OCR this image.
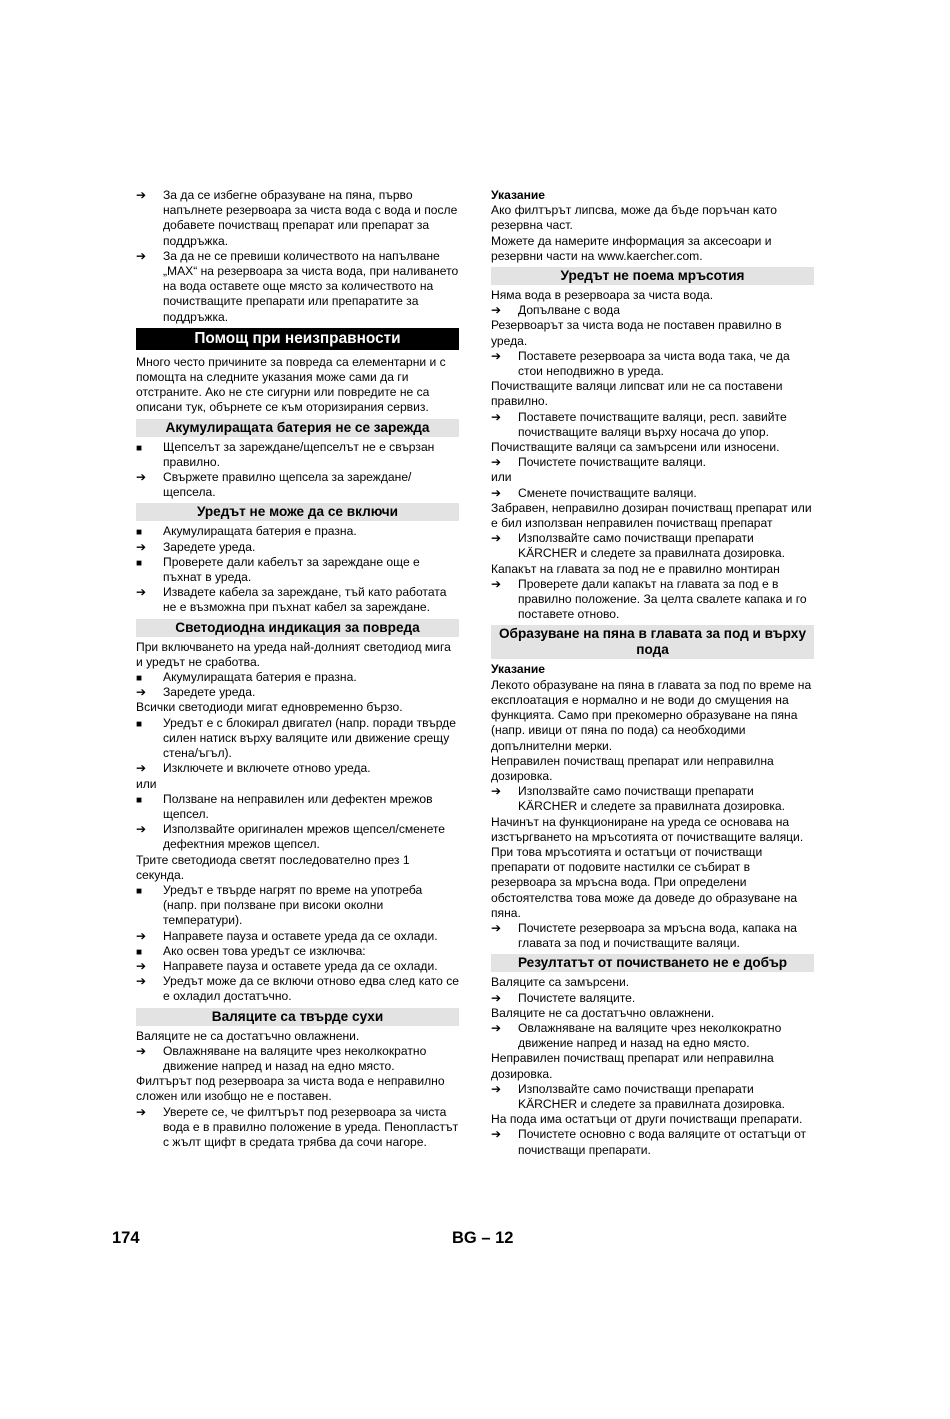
➔	За да се избегне образуване на пяна, първо напълнете резервоара за чиста вода с вода и после добавете почистващ препарат или препарат за поддръжка.
➔	За да не се превиши количеството на напълване „MAX“ на резервоара за чиста вода, при наливането на вода оставете още място за количеството на почистващите препарати или препаратите за поддръжка.
Помощ при неизправности
Много често причините за повреда са елементарни и с помощта на следните указания може сами да ги отстраните. Ако не сте сигурни или повредите не са описани тук, обърнете се към оторизирания сервиз.
Акумулиращата батерия не се зарежда
■	Щепселът за зареждане/щепселът не е свързан правилно.
➔	Свържете правилно щепсела за зареждане/щепсела.
Уредът не може да се включи
■	Акумулиращата батерия е празна.
➔	Заредете уреда.
■	Проверете дали кабелът за зареждане още е пъхнат в уреда.
➔	Извадете кабела за зареждане, тъй като работата не е възможна при пъхнат кабел за зареждане.
Светодиодна индикация за повреда
При включването на уреда най-долният светодиод мига и уредът не сработва.
■	Акумулиращата батерия е празна.
➔	Заредете уреда.
Всички светодиоди мигат едновременно бързо.
■	Уредът е с блокирал двигател (напр. поради твърде силен натиск върху валяците или движение срещу стена/ъгъл).
➔	Изключете и включете отново уреда.
или
■	Ползване на неправилен или дефектен мрежов щепсел.
➔	Използвайте оригинален мрежов щепсел/сменете дефектния мрежов щепсел.
Трите светодиода светят последователно през 1 секунда.
■	Уредът е твърде нагрят по време на употреба (напр. при ползване при високи околни температури).
➔	Направете пауза и оставете уреда да се охлади.
■	Ако освен това уредът се изключва:
➔	Направете пауза и оставете уреда да се охлади.
➔	Уредът може да се включи отново едва след като се е охладил достатъчно.
Валяците са твърде сухи
Валяците не са достатъчно овлажнени.
➔	Овлажняване на валяците чрез неколкократно движение напред и назад на едно място.
Филтърът под резервоара за чиста вода е неправилно сложен или изобщо не е поставен.
➔	Уверете се, че филтърът под резервоара за чиста вода е в правилно положение в уреда. Пенопластът с жълт щифт в средата трябва да сочи нагоре.
Указание
Ако филтърът липсва, може да бъде поръчан като резервна част.
Можете да намерите информация за аксесоари и резервни части на www.kaercher.com.
Уредът не поема мръсотия
Няма вода в резервоара за чиста вода.
➔	Допълване с вода
Резервоарът за чиста вода не поставен правилно в уреда.
➔	Поставете резервоара за чиста вода така, че да стои неподвижно в уреда.
Почистващите валяци липсват или не са поставени правилно.
➔	Поставете почистващите валяци, респ. завийте почистващите валяци върху носача до упор.
Почистващите валяци са замърсени или износени.
➔	Почистете почистващите валяци.
или
➔	Сменете почистващите валяци.
Забравен, неправилно дозиран почистващ препарат или е бил използван неправилен почистващ препарат
➔	Използвайте само почистващи препарати KÄRCHER и следете за правилната дозировка.
Капакът на главата за под не е правилно монтиран
➔	Проверете дали капакът на главата за под е в правилно положение. За целта свалете капака и го поставете отново.
Образуване на пяна в главата за под и върху пода
Указание
Лекото образуване на пяна в главата за под по време на експлоатация е нормално и не води до смущения на функцията. Само при прекомерно образуване на пяна (напр. ивици от пяна по пода) са необходими допълнителни мерки.
Неправилен почистващ препарат или неправилна дозировка.
➔	Използвайте само почистващи препарати KÄRCHER и следете за правилната дозировка.
Начинът на функциониране на уреда се основава на изстъргването на мръсотията от почистващите валяци. При това мръсотията и остатъци от почистващи препарати от подовите настилки се събират в резервоара за мръсна вода. При определени обстоятелства това може да доведе до образуване на пяна.
➔	Почистете резервоара за мръсна вода, капака на главата за под и почистващите валяци.
Резултатът от почистването не е добър
Валяците са замърсени.
➔	Почистете валяците.
Валяците не са достатъчно овлажнени.
➔	Овлажняване на валяците чрез неколкократно движение напред и назад на едно място.
Неправилен почистващ препарат или неправилна дозировка.
➔	Използвайте само почистващи препарати KÄRCHER и следете за правилната дозировка.
На пода има остатъци от други почистващи препарати.
➔	Почистете основно с вода валяците от остатъци от почистващи препарати.
174	BG – 12
